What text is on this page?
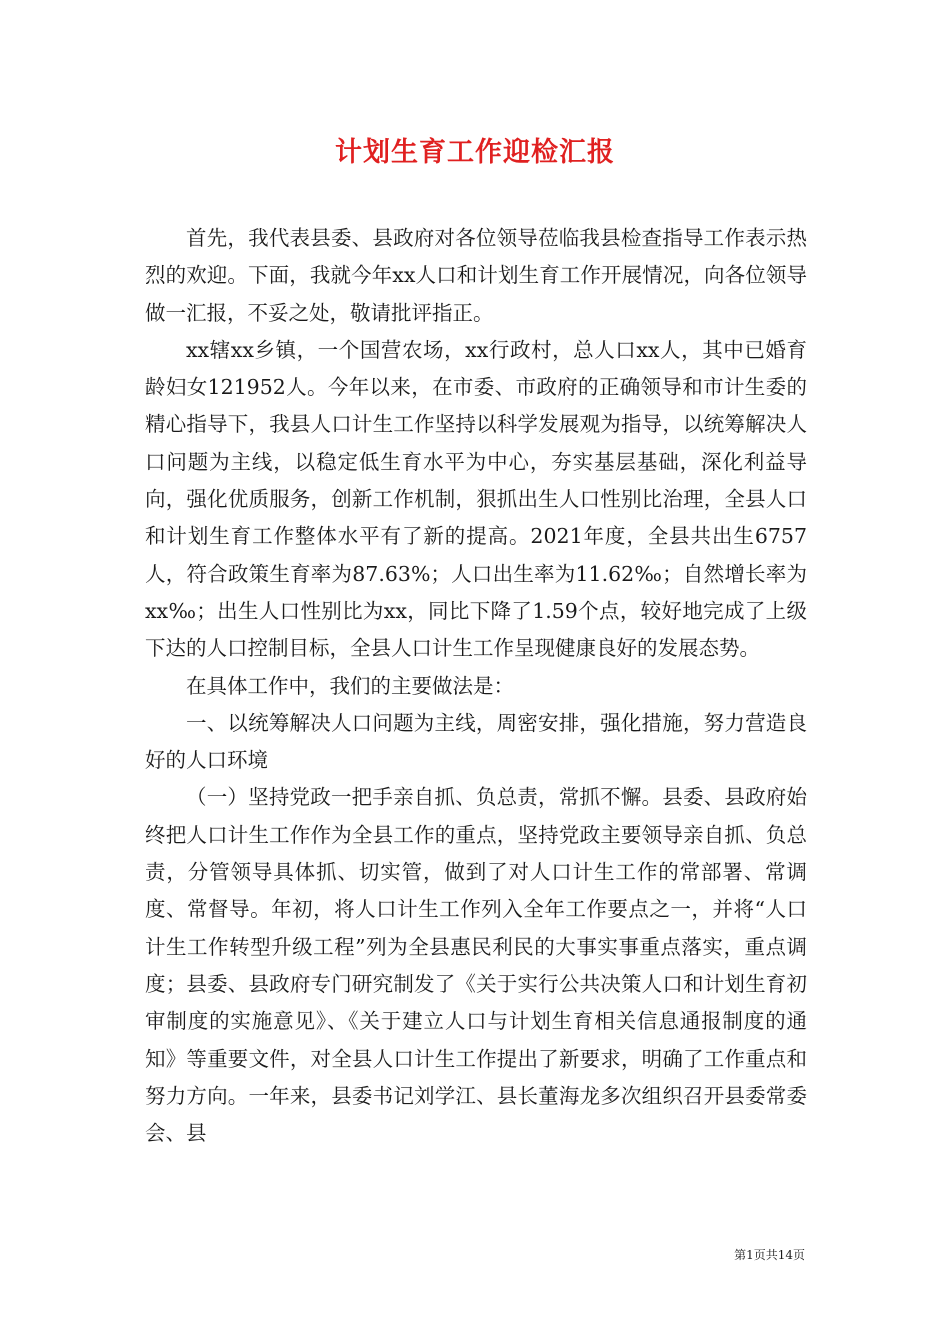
计划生育工作迎检汇报

首先，我代表县委、县政府对各位领导莅临我县检查指导工作表示热烈的欢迎。下面，我就今年xx人口和计划生育工作开展情况，向各位领导做一汇报，不妥之处，敬请批评指正。

xx辖xx乡镇，一个国营农场，xx行政村，总人口xx人，其中已婚育龄妇女121952人。今年以来，在市委、市政府的正确领导和市计生委的精心指导下，我县人口计生工作坚持以科学发展观为指导，以统筹解决人口问题为主线，以稳定低生育水平为中心，夯实基层基础，深化利益导向，强化优质服务，创新工作机制，狠抓出生人口性别比治理，全县人口和计划生育工作整体水平有了新的提高。2021年度，全县共出生6757人，符合政策生育率为87.63%；人口出生率为11.62‰；自然增长率为xx‰；出生人口性别比为xx，同比下降了1.59个点，较好地完成了上级下达的人口控制目标，全县人口计生工作呈现健康良好的发展态势。

在具体工作中，我们的主要做法是：

一、以统筹解决人口问题为主线，周密安排，强化措施，努力营造良好的人口环境

（一）坚持党政一把手亲自抓、负总责，常抓不懈。县委、县政府始终把人口计生工作作为全县工作的重点，坚持党政主要领导亲自抓、负总责，分管领导具体抓、切实管，做到了对人口计生工作的常部署、常调度、常督导。年初，将人口计生工作列入全年工作要点之一，并将“人口计生工作转型升级工程”列为全县惠民利民的大事实事重点落实，重点调度；县委、县政府专门研究制发了《关于实行公共决策人口和计划生育初审制度的实施意见》、《关于建立人口与计划生育相关信息通报制度的通知》等重要文件，对全县人口计生工作提出了新要求，明确了工作重点和努力方向。一年来，县委书记刘学江、县长董海龙多次组织召开县委常委会、县

第1页共14页
